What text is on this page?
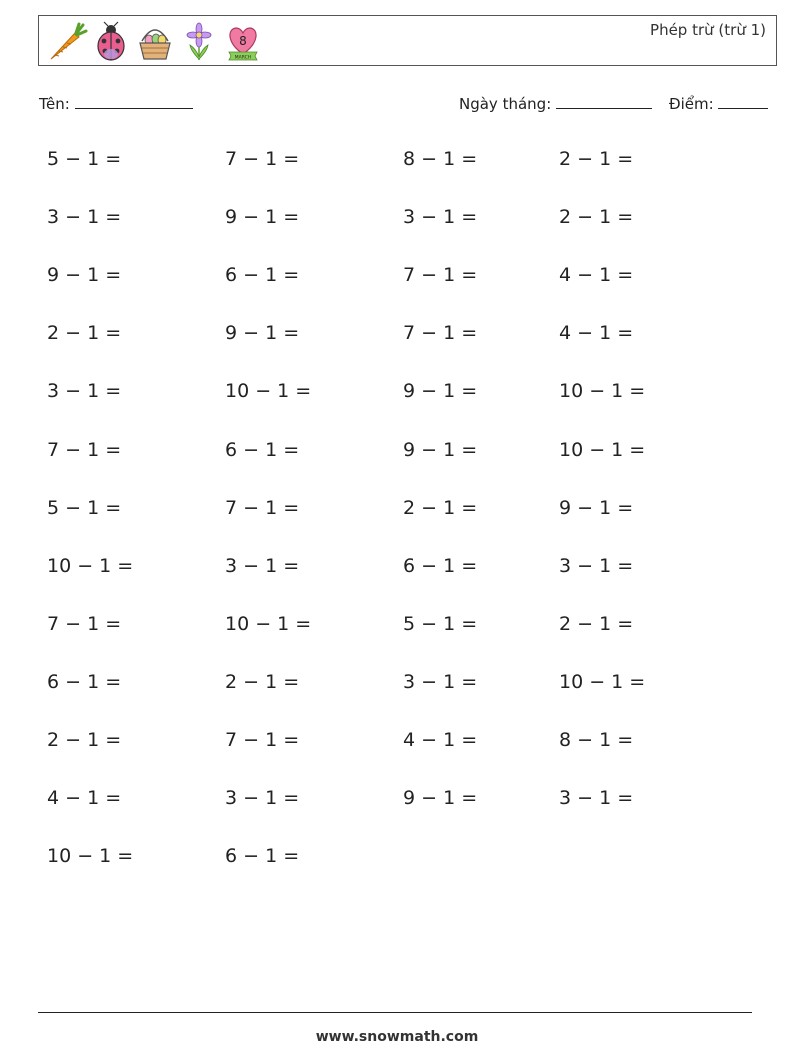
8
MARCH
Phép trừ (trừ 1)
Tên:	Ngày tháng:	Điểm:
5 − 1 =	7 − 1 =	8 − 1 =	2 − 1 =
3 − 1 =	9 − 1 =	3 − 1 =	2 − 1 =
9 − 1 =	6 − 1 =	7 − 1 =	4 − 1 =
2 − 1 =	9 − 1 =	7 − 1 =	4 − 1 =
3 − 1 =	10 − 1 =	9 − 1 =	10 − 1 =
7 − 1 =	6 − 1 =	9 − 1 =	10 − 1 =
5 − 1 =	7 − 1 =	2 − 1 =	9 − 1 =
10 − 1 =	3 − 1 =	6 − 1 =	3 − 1 =
7 − 1 =	10 − 1 =	5 − 1 =	2 − 1 =
6 − 1 =	2 − 1 =	3 − 1 =	10 − 1 =
2 − 1 =	7 − 1 =	4 − 1 =	8 − 1 =
4 − 1 =	3 − 1 =	9 − 1 =	3 − 1 =
10 − 1 =	6 − 1 =
www.snowmath.com
